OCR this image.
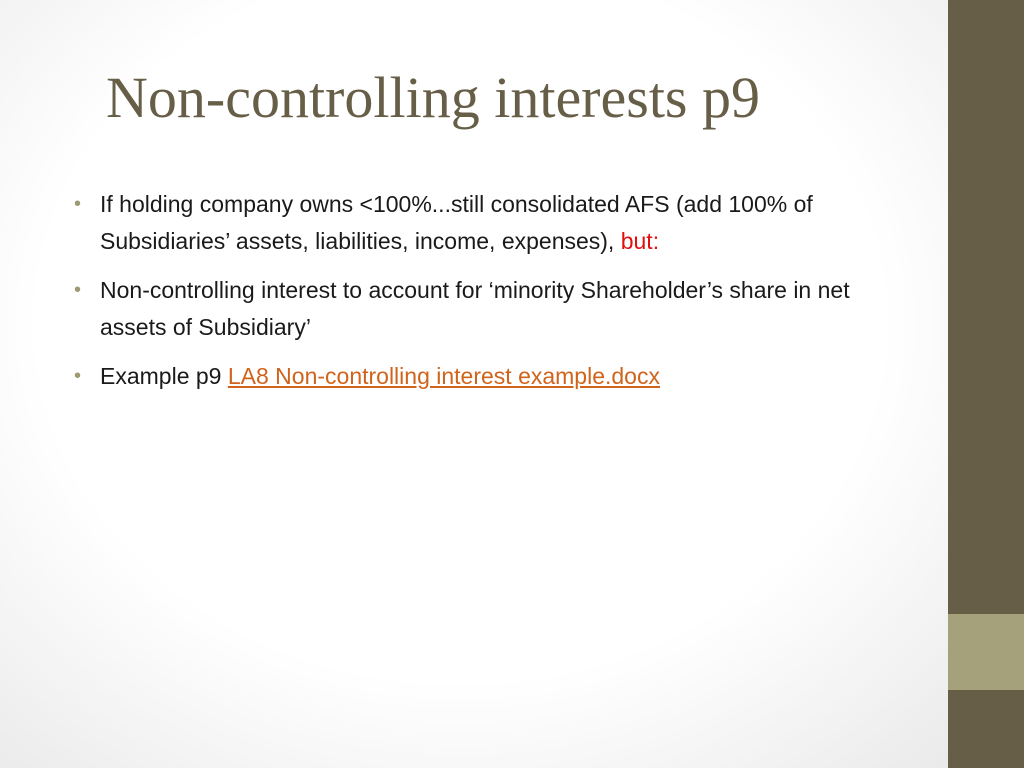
Non-controlling interests p9
• If holding company owns <100%...still consolidated AFS (add 100% of Subsidiaries’ assets, liabilities, income, expenses), but:
• Non-controlling interest to account for ‘minority Shareholder’s share in net assets of Subsidiary’
• Example p9 LA8 Non-controlling interest example.docx
